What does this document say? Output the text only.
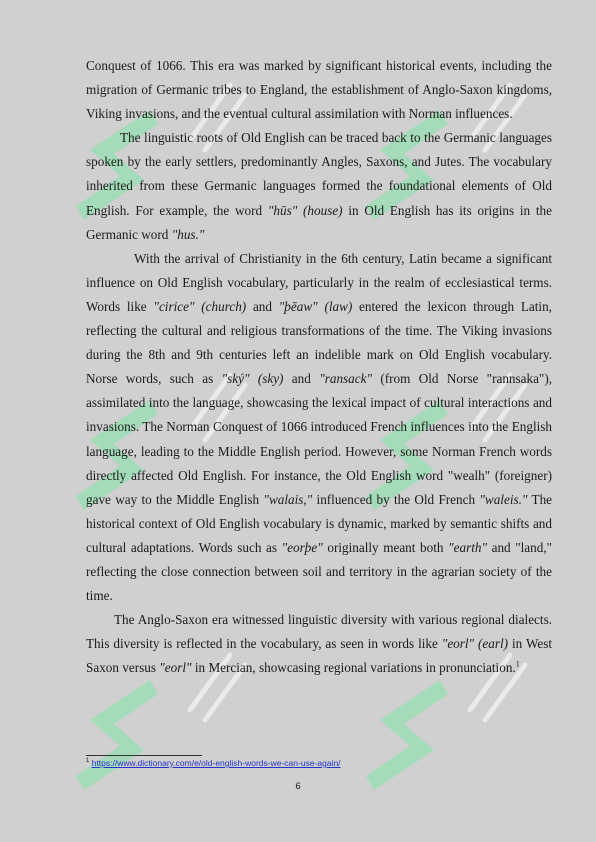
Conquest of 1066. This era was marked by significant historical events, including the migration of Germanic tribes to England, the establishment of Anglo-Saxon kingdoms, Viking invasions, and the eventual cultural assimilation with Norman influences.

The linguistic roots of Old English can be traced back to the Germanic languages spoken by the early settlers, predominantly Angles, Saxons, and Jutes. The vocabulary inherited from these Germanic languages formed the foundational elements of Old English. For example, the word "hūs" (house) in Old English has its origins in the Germanic word "hus."

With the arrival of Christianity in the 6th century, Latin became a significant influence on Old English vocabulary, particularly in the realm of ecclesiastical terms. Words like "cirice" (church) and "þēaw" (law) entered the lexicon through Latin, reflecting the cultural and religious transformations of the time. The Viking invasions during the 8th and 9th centuries left an indelible mark on Old English vocabulary. Norse words, such as "ský" (sky) and "ransack" (from Old Norse "rannsaka"), assimilated into the language, showcasing the lexical impact of cultural interactions and invasions. The Norman Conquest of 1066 introduced French influences into the English language, leading to the Middle English period. However, some Norman French words directly affected Old English. For instance, the Old English word "wealh" (foreigner) gave way to the Middle English "walais," influenced by the Old French "waleis." The historical context of Old English vocabulary is dynamic, marked by semantic shifts and cultural adaptations. Words such as "eorþe" originally meant both "earth" and "land," reflecting the close connection between soil and territory in the agrarian society of the time.

The Anglo-Saxon era witnessed linguistic diversity with various regional dialects. This diversity is reflected in the vocabulary, as seen in words like "eorl" (earl) in West Saxon versus "eorl" in Mercian, showcasing regional variations in pronunciation.$^1$

$^1$ https://www.dictionary.com/e/old-english-words-we-can-use-again/
6
